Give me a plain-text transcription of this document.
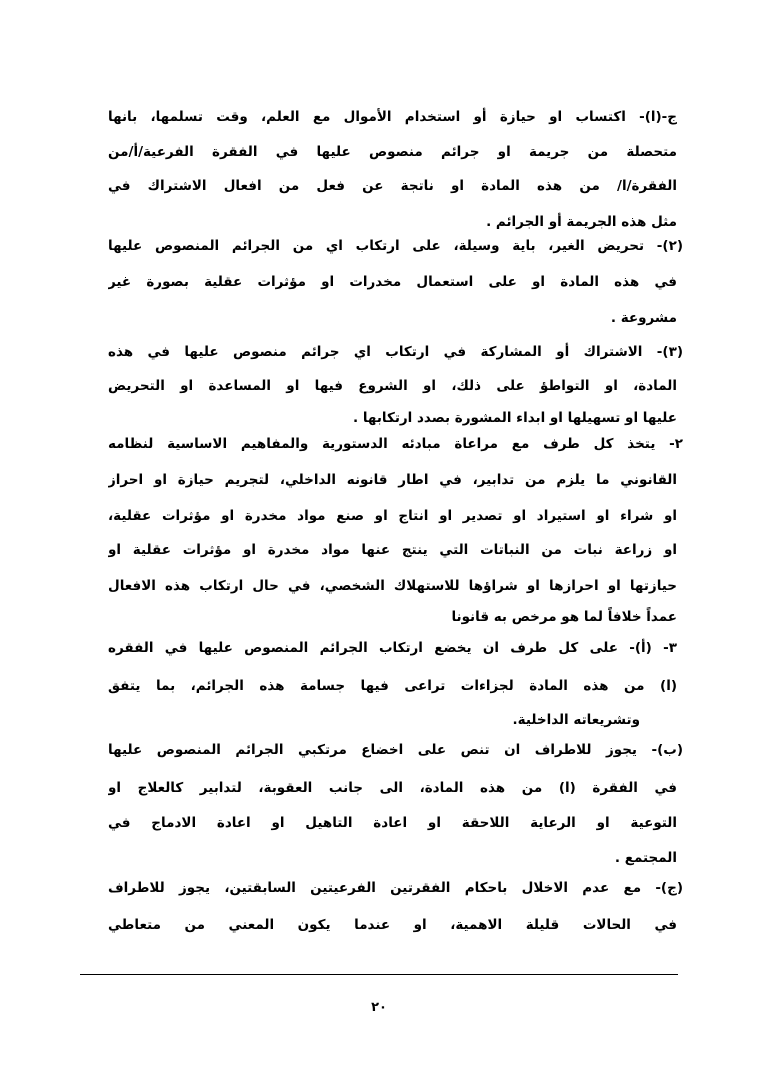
ج-(ا)- اكتساب او حيازة أو استخدام الأموال مع العلم، وقت تسلمها، بانها
متحصلة من جريمة او جرائم منصوص عليها في الفقرة الفرعية/أ/من
الفقرة/ا/ من هذه المادة او ناتجة عن فعل من افعال الاشتراك في
مثل هذه الجريمة أو الجرائم .
(٢)- تحريض الغير، باية وسيلة، على ارتكاب اي من الجرائم المنصوص عليها
في هذه المادة او على استعمال مخدرات او مؤثرات عقلية بصورة غير
مشروعة .
(٣)- الاشتراك أو المشاركة في ارتكاب اي جرائم منصوص عليها في هذه
المادة، او التواطؤ على ذلك، او الشروع فيها او المساعدة او التحريض
عليها او تسهيلها او ابداء المشورة بصدد ارتكابها .
٢- يتخذ كل طرف مع مراعاة مبادئه الدستورية والمفاهيم الاساسية لنظامه
القانوني ما يلزم من تدابير، في اطار قانونه الداخلي، لتجريم حيازة او احراز
او شراء او استيراد او تصدير او انتاج او صنع مواد مخدرة او مؤثرات عقلية،
او زراعة نبات من النباتات التي ينتج عنها مواد مخدرة او مؤثرات عقلية او
حيازتها او احرازها او شراؤها للاستهلاك الشخصي، في حال ارتكاب هذه الافعال
عمداً خلافاً لما هو مرخص به قانونا
٣- (أ)- على كل طرف ان يخضع ارتكاب الجرائم المنصوص عليها في الفقره
(ا) من هذه المادة لجزاءات تراعى فيها جسامة هذه الجرائم، بما يتفق
وتشريعاته الداخلية.
(ب)- يجوز للاطراف ان تنص على اخضاع مرتكبي الجرائم المنصوص عليها
في الفقرة (ا) من هذه المادة، الى جانب العقوبة، لتدابير كالعلاج او
التوعية او الرعاية اللاحقة او اعادة التاهيل او اعادة الادماج في
المجتمع .
(ج)- مع عدم الاخلال باحكام الفقرتين الفرعيتين السابقتين، يجوز للاطراف
في الحالات قليلة الاهمية، او عندما يكون المعني من متعاطي
٢٠
